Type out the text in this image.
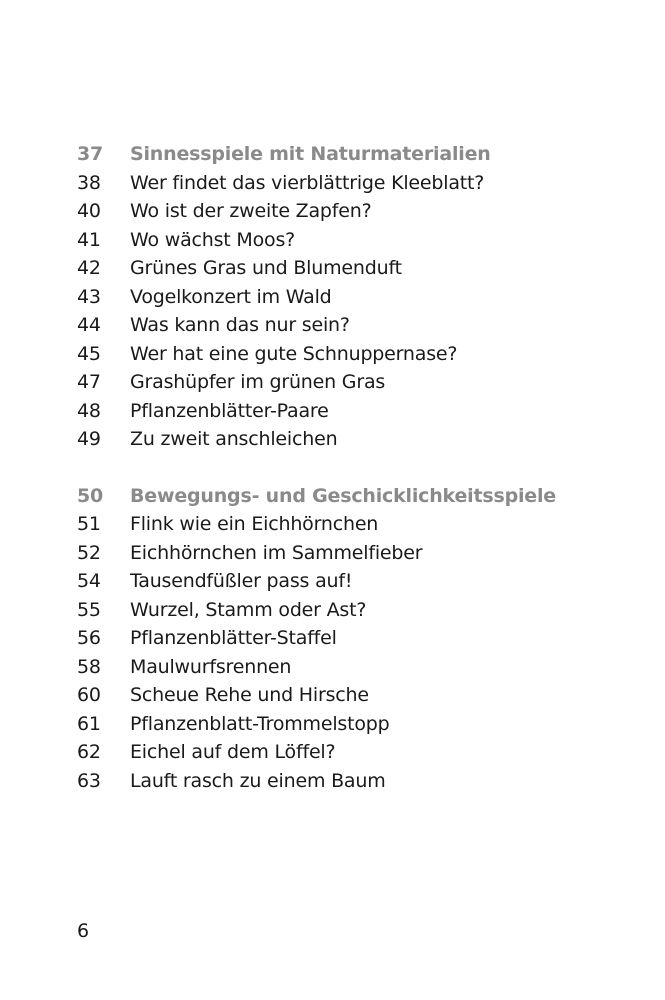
37	Sinnesspiele mit Naturmaterialien
38	Wer findet das vierblättrige Kleeblatt?
40	Wo ist der zweite Zapfen?
41	Wo wächst Moos?
42	Grünes Gras und Blumenduft
43	Vogelkonzert im Wald
44	Was kann das nur sein?
45	Wer hat eine gute Schnuppernase?
47	Grashüpfer im grünen Gras
48	Pflanzenblätter-Paare
49	Zu zweit anschleichen
50	Bewegungs- und Geschicklichkeitsspiele
51	Flink wie ein Eichhörnchen
52	Eichhörnchen im Sammelfieber
54	Tausendfüßler pass auf!
55	Wurzel, Stamm oder Ast?
56	Pflanzenblätter-Staffel
58	Maulwurfsrennen
60	Scheue Rehe und Hirsche
61	Pflanzenblatt-Trommelstopp
62	Eichel auf dem Löffel?
63	Lauft rasch zu einem Baum
6
